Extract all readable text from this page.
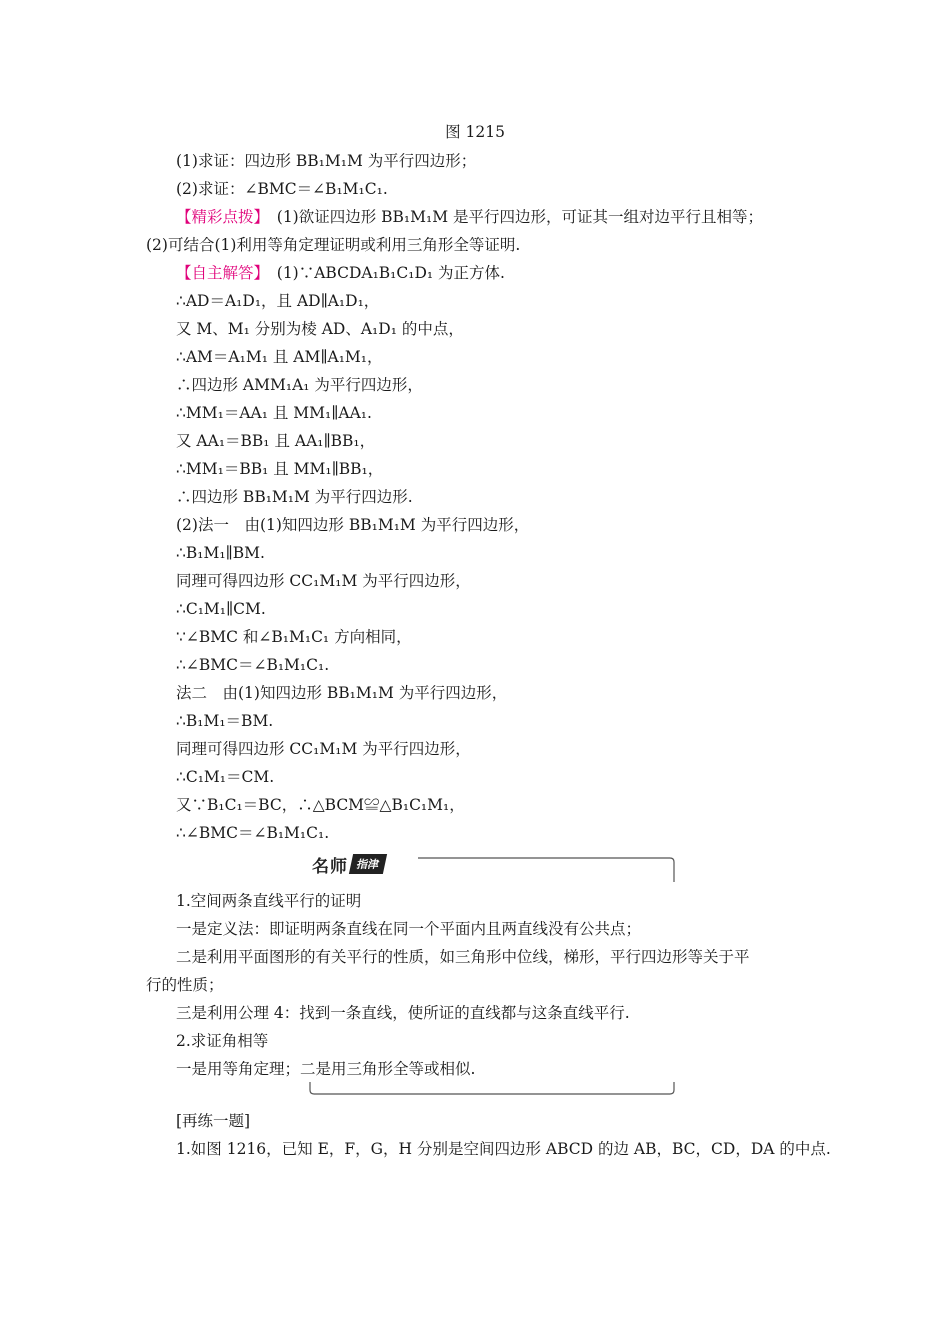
图 1215
(1)求证：四边形 BB₁M₁M 为平行四边形；
(2)求证：∠BMC＝∠B₁M₁C₁.
【精彩点拨】　(1)欲证四边形 BB₁M₁M 是平行四边形，可证其一组对边平行且相等；
(2)可结合(1)利用等角定理证明或利用三角形全等证明.
【自主解答】　(1)∵ABCDA₁B₁C₁D₁ 为正方体.
∴AD＝A₁D₁，且 AD∥A₁D₁，
又 M、M₁ 分别为棱 AD、A₁D₁ 的中点，
∴AM＝A₁M₁ 且 AM∥A₁M₁，
∴四边形 AMM₁A₁ 为平行四边形，
∴MM₁＝AA₁ 且 MM₁∥AA₁.
又 AA₁＝BB₁ 且 AA₁∥BB₁，
∴MM₁＝BB₁ 且 MM₁∥BB₁，
∴四边形 BB₁M₁M 为平行四边形.
(2)法一　由(1)知四边形 BB₁M₁M 为平行四边形，
∴B₁M₁∥BM.
同理可得四边形 CC₁M₁M 为平行四边形，
∴C₁M₁∥CM.
∵∠BMC 和∠B₁M₁C₁ 方向相同，
∴∠BMC＝∠B₁M₁C₁.
法二　由(1)知四边形 BB₁M₁M 为平行四边形，
∴B₁M₁＝BM.
同理可得四边形 CC₁M₁M 为平行四边形，
∴C₁M₁＝CM.
又∵B₁C₁＝BC，∴△BCM≌△B₁C₁M₁，
∴∠BMC＝∠B₁M₁C₁.
名师 指津
1.空间两条直线平行的证明
一是定义法：即证明两条直线在同一个平面内且两直线没有公共点；
二是利用平面图形的有关平行的性质，如三角形中位线，梯形，平行四边形等关于平
行的性质；
三是利用公理 4：找到一条直线，使所证的直线都与这条直线平行.
2.求证角相等
一是用等角定理；二是用三角形全等或相似.
[再练一题]
1.如图 1216，已知 E，F，G，H 分别是空间四边形 ABCD 的边 AB，BC，CD，DA 的中点.
